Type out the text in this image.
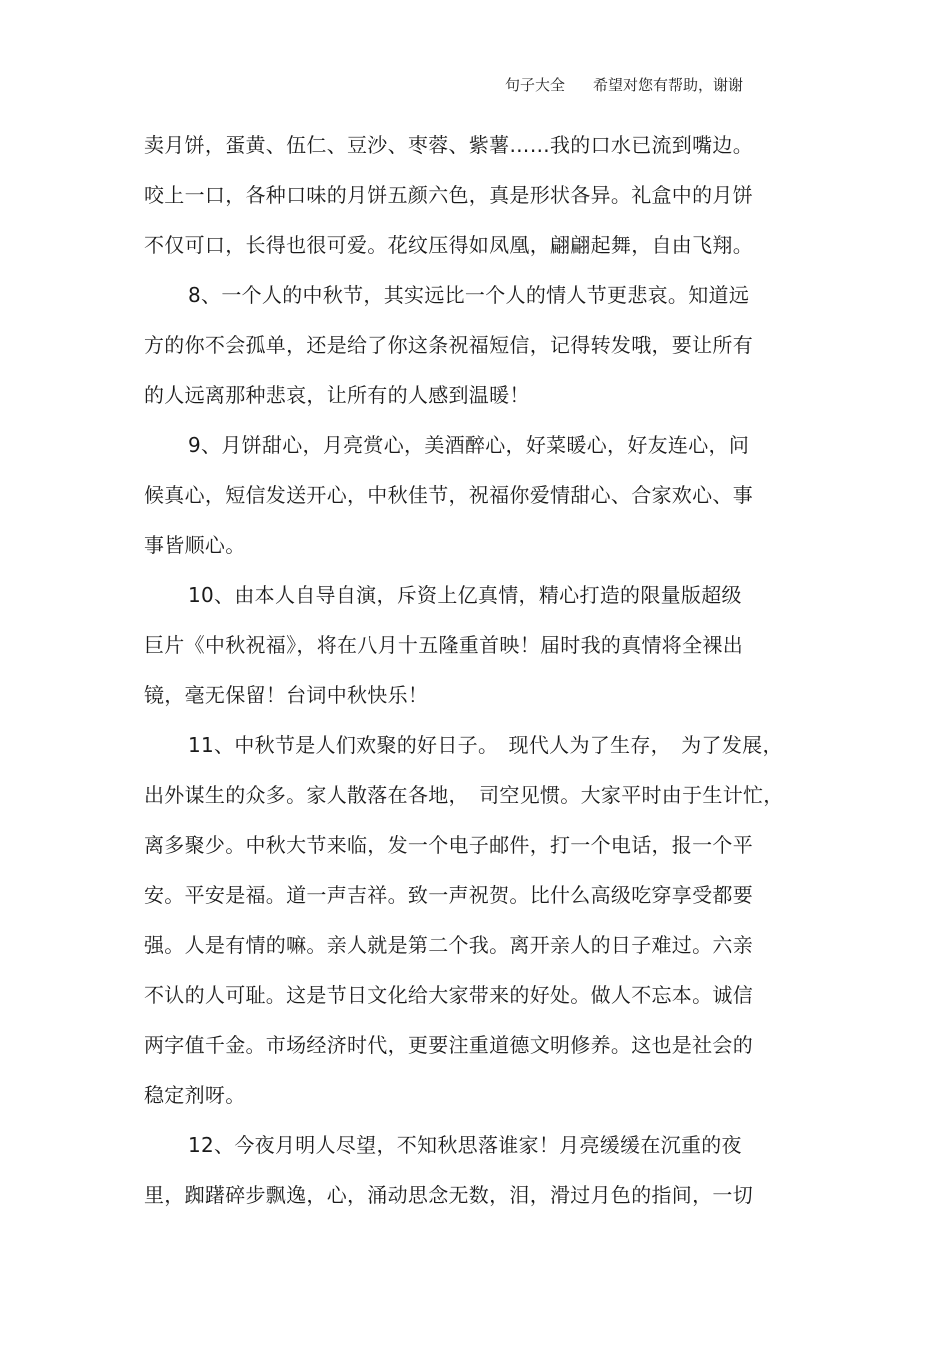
句子大全 希望对您有帮助，谢谢
卖月饼，蛋黄、伍仁、豆沙、枣蓉、紫薯……我的口水已流到嘴边。
咬上一口，各种口味的月饼五颜六色，真是形状各异。礼盒中的月饼
不仅可口，长得也很可爱。花纹压得如凤凰，翩翩起舞，自由飞翔。
8、一个人的中秋节，其实远比一个人的情人节更悲哀。知道远
方的你不会孤单，还是给了你这条祝福短信，记得转发哦，要让所有
的人远离那种悲哀，让所有的人感到温暖！
9、月饼甜心，月亮赏心，美酒醉心，好菜暖心，好友连心，问
候真心，短信发送开心，中秋佳节，祝福你爱情甜心、合家欢心、事
事皆顺心。
10、由本人自导自演，斥资上亿真情，精心打造的限量版超级
巨片《中秋祝福》，将在八月十五隆重首映！届时我的真情将全裸出
镜，毫无保留！台词中秋快乐！
11、中秋节是人们欢聚的好日子。　现代人为了生存，　为了发展，
出外谋生的众多。家人散落在各地，　司空见惯。大家平时由于生计忙，
离多聚少。中秋大节来临，发一个电子邮件，打一个电话，报一个平
安。平安是福。道一声吉祥。致一声祝贺。比什么高级吃穿享受都要
强。人是有情的嘛。亲人就是第二个我。离开亲人的日子难过。六亲
不认的人可耻。这是节日文化给大家带来的好处。做人不忘本。诚信
两字值千金。市场经济时代，更要注重道德文明修养。这也是社会的
稳定剂呀。
12、今夜月明人尽望，不知秋思落谁家！月亮缓缓在沉重的夜
里，踟躇碎步飘逸，心，涌动思念无数，泪，滑过月色的指间，一切
